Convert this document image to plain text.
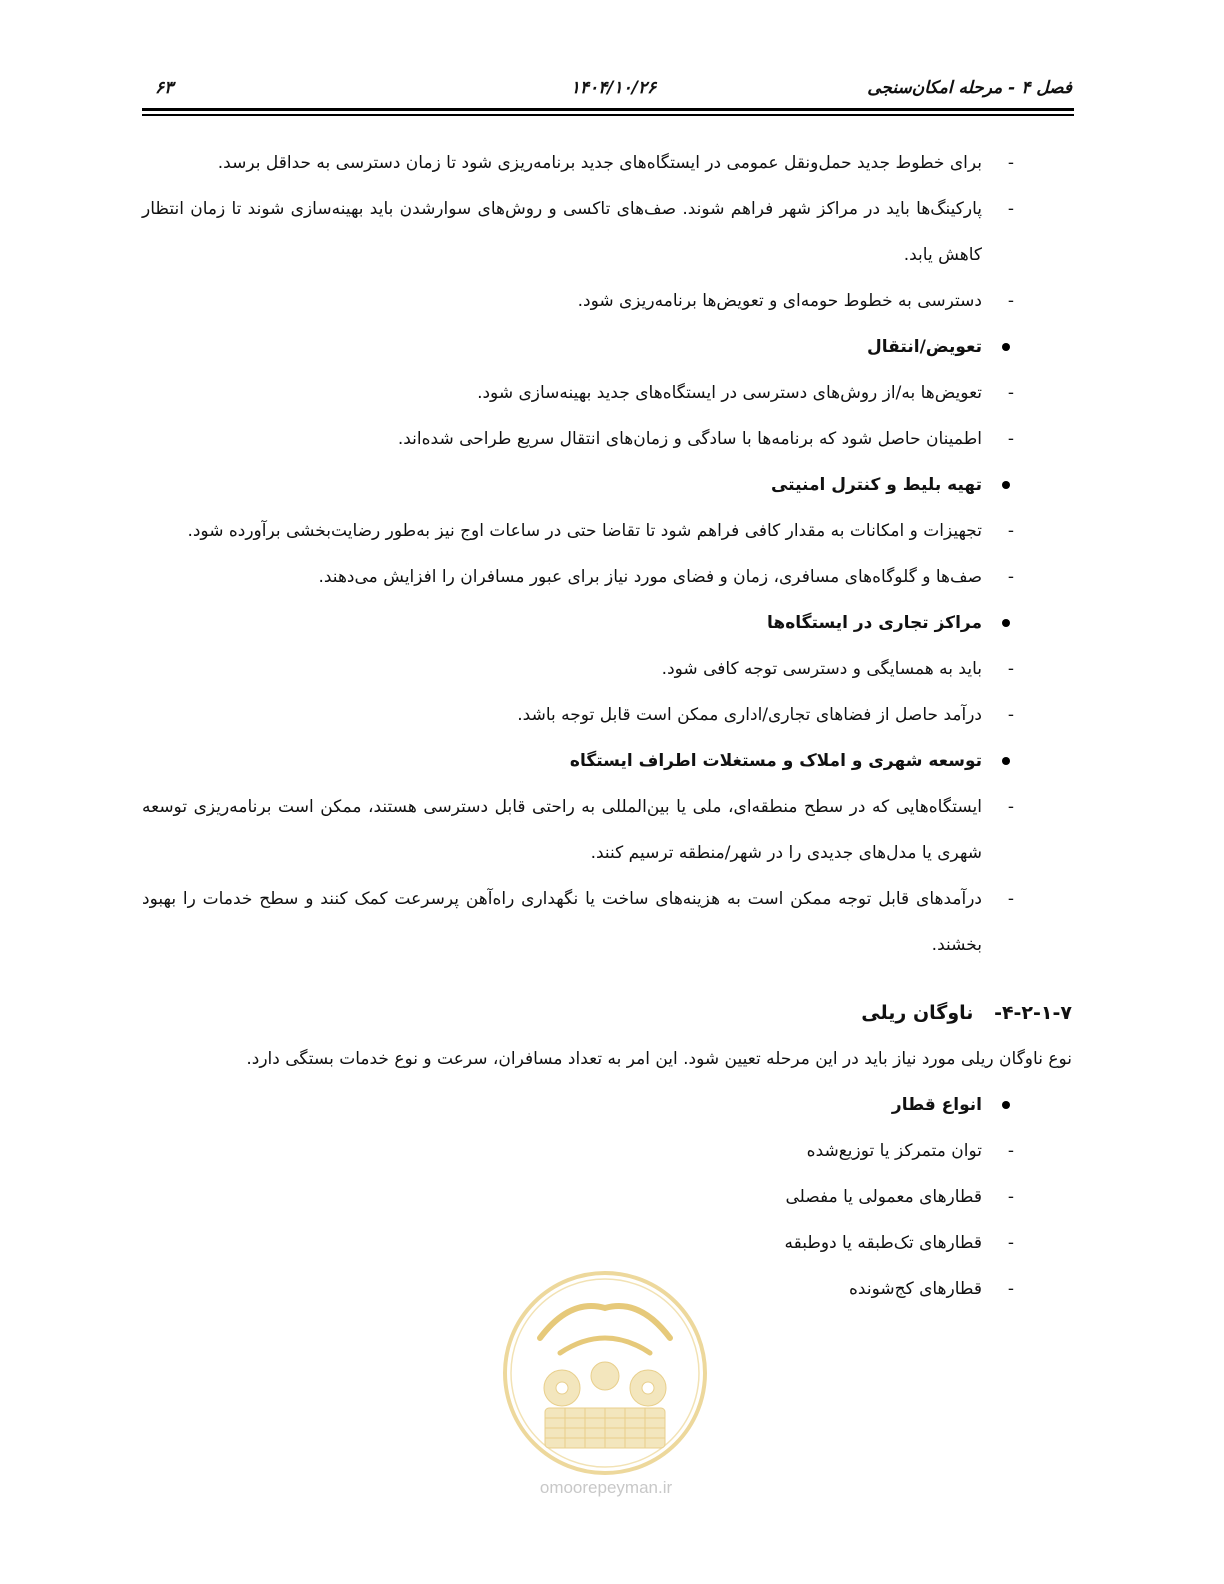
فصل ۴ - مرحله امکان‌سنجی
۱۴۰۴/۱۰/۲۶
۶۳
-
برای خطوط جدید حمل‌ونقل عمومی در ایستگاه‌های جدید برنامه‌ریزی شود تا زمان دسترسی به حداقل برسد.
-
پارکینگ‌ها باید در مراکز شهر فراهم شوند. صف‌های تاکسی و روش‌های سوارشدن باید بهینه‌سازی شوند تا زمان انتظار کاهش یابد.
-
دسترسی به خطوط حومه‌ای و تعویض‌ها برنامه‌ریزی شود.
تعویض/انتقال
-
تعویض‌ها به/از روش‌های دسترسی در ایستگاه‌های جدید بهینه‌سازی شود.
-
اطمینان حاصل شود که برنامه‌ها با سادگی و زمان‌های انتقال سریع طراحی شده‌اند.
تهیه بلیط و کنترل امنیتی
-
تجهیزات و امکانات به مقدار کافی فراهم شود تا تقاضا حتی در ساعات اوج نیز به‌طور رضایت‌بخشی برآورده شود.
-
صف‌ها و گلوگاه‌های مسافری، زمان و فضای مورد نیاز برای عبور مسافران را افزایش می‌دهند.
مراکز تجاری در ایستگاه‌ها
-
باید به همسایگی و دسترسی توجه کافی شود.
-
درآمد حاصل از فضاهای تجاری/اداری ممکن است قابل توجه باشد.
توسعه شهری و املاک و مستغلات اطراف ایستگاه
-
ایستگاه‌هایی که در سطح منطقه‌ای، ملی یا بین‌المللی به راحتی قابل دسترسی هستند، ممکن است برنامه‌ریزی توسعه شهری یا مدل‌های جدیدی را در شهر/منطقه ترسیم کنند.
-
درآمدهای قابل توجه ممکن است به هزینه‌های ساخت یا نگهداری راه‌آهن پرسرعت کمک کنند و سطح خدمات را بهبود بخشند.
۴-۲-۱-۷- ناوگان ریلی
نوع ناوگان ریلی مورد نیاز باید در این مرحله تعیین شود. این امر به تعداد مسافران، سرعت و نوع خدمات بستگی دارد.
انواع قطار
-
توان متمرکز یا توزیع‌شده
-
قطارهای معمولی یا مفصلی
-
قطارهای تک‌طبقه یا دوطبقه
-
قطارهای کج‌شونده
omoorepeyman.ir
